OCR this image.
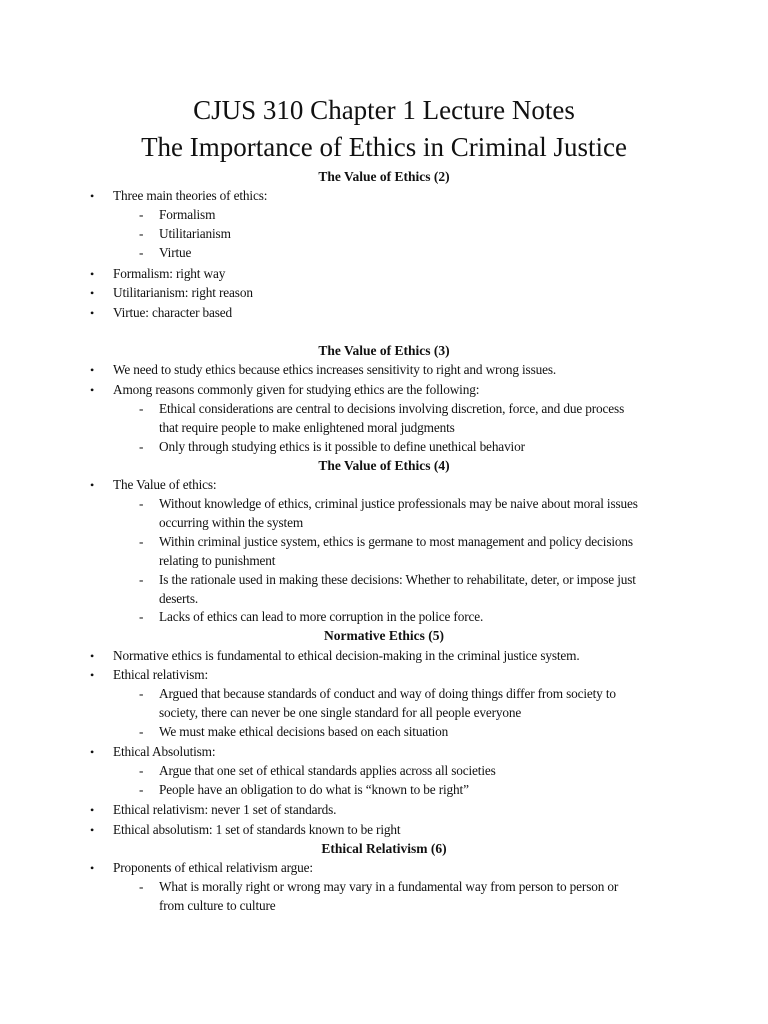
CJUS 310 Chapter 1 Lecture Notes
The Importance of Ethics in Criminal Justice
The Value of Ethics (2)
• Three main theories of ethics:
- Formalism
- Utilitarianism
- Virtue
• Formalism: right way
• Utilitarianism: right reason
• Virtue: character based
The Value of Ethics (3)
• We need to study ethics because ethics increases sensitivity to right and wrong issues.
• Among reasons commonly given for studying ethics are the following:
- Ethical considerations are central to decisions involving discretion, force, and due process
that require people to make enlightened moral judgments
- Only through studying ethics is it possible to define unethical behavior
The Value of Ethics (4)
• The Value of ethics:
- Without knowledge of ethics, criminal justice professionals may be naive about moral issues
occurring within the system
- Within criminal justice system, ethics is germane to most management and policy decisions
relating to punishment
- Is the rationale used in making these decisions: Whether to rehabilitate, deter, or impose just
deserts.
- Lacks of ethics can lead to more corruption in the police force.
Normative Ethics (5)
• Normative ethics is fundamental to ethical decision-making in the criminal justice system.
• Ethical relativism:
- Argued that because standards of conduct and way of doing things differ from society to
society, there can never be one single standard for all people everyone
- We must make ethical decisions based on each situation
• Ethical Absolutism:
- Argue that one set of ethical standards applies across all societies
- People have an obligation to do what is “known to be right”
• Ethical relativism: never 1 set of standards.
• Ethical absolutism: 1 set of standards known to be right
Ethical Relativism (6)
• Proponents of ethical relativism argue:
- What is morally right or wrong may vary in a fundamental way from person to person or
from culture to culture
